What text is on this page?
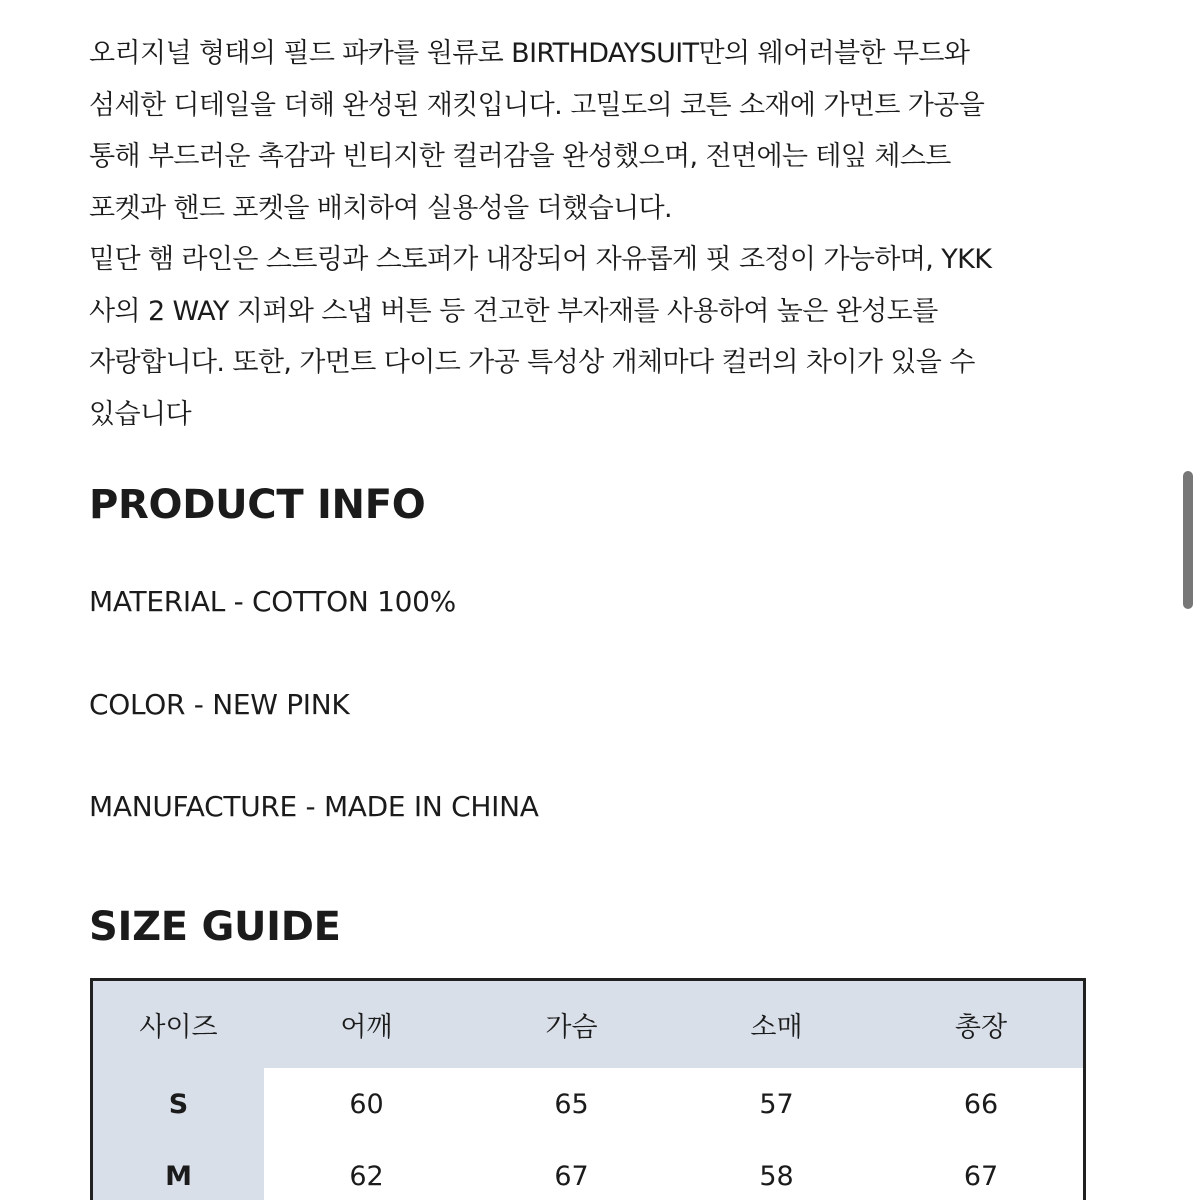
오리지널 형태의 필드 파카를 원류로 BIRTHDAYSUIT만의 웨어러블한 무드와
섬세한 디테일을 더해 완성된 재킷입니다. 고밀도의 코튼 소재에 가먼트 가공을
통해 부드러운 촉감과 빈티지한 컬러감을 완성했으며, 전면에는 테잎 체스트
포켓과 핸드 포켓을 배치하여 실용성을 더했습니다.
밑단 햄 라인은 스트링과 스토퍼가 내장되어 자유롭게 핏 조정이 가능하며, YKK
사의 2 WAY 지퍼와 스냅 버튼 등 견고한 부자재를 사용하여 높은 완성도를
자랑합니다. 또한, 가먼트 다이드 가공 특성상 개체마다 컬러의 차이가 있을 수
있습니다
PRODUCT INFO

MATERIAL - COTTON 100%

COLOR - NEW PINK

MANUFACTURE - MADE IN CHINA

SIZE GUIDE
사이즈	어깨	가슴	소매	총장
S	60	65	57	66
M	62	67	58	67
